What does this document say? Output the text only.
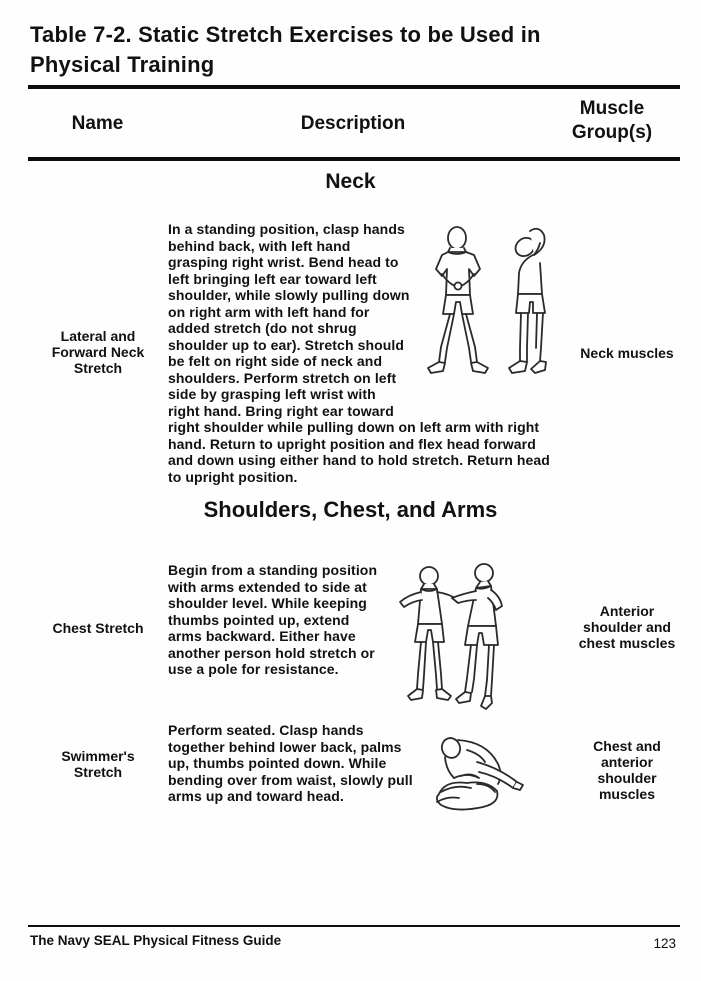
Table 7-2. Static Stretch Exercises to be Used in
Physical Training
Name	Description
Muscle Group(s)
Neck
Lateral and Forward Neck Stretch
In a standing position, clasp hands behind back, with left hand grasping right wrist. Bend head to left bringing left ear toward left shoulder, while slowly pulling down on right arm with left hand for added stretch (do not shrug shoulder up to ear). Stretch should be felt on right side of neck and shoulders. Perform stretch on left side by grasping left wrist with right hand. Bring right ear toward right shoulder while pulling down on left arm with right hand. Return to upright position and flex head forward and down using either hand to hold stretch. Return head to upright position.
Neck muscles
Shoulders, Chest, and Arms
Chest Stretch
Begin from a standing position with arms extended to side at shoulder level. While keeping thumbs pointed up, extend arms backward. Either have another person hold stretch or use a pole for resistance.
Anterior shoulder and chest muscles
Swimmer's Stretch
Perform seated. Clasp hands together behind lower back, palms up, thumbs pointed down. While bending over from waist, slowly pull arms up and toward head.
Chest and anterior shoulder muscles
The Navy SEAL Physical Fitness Guide	123
